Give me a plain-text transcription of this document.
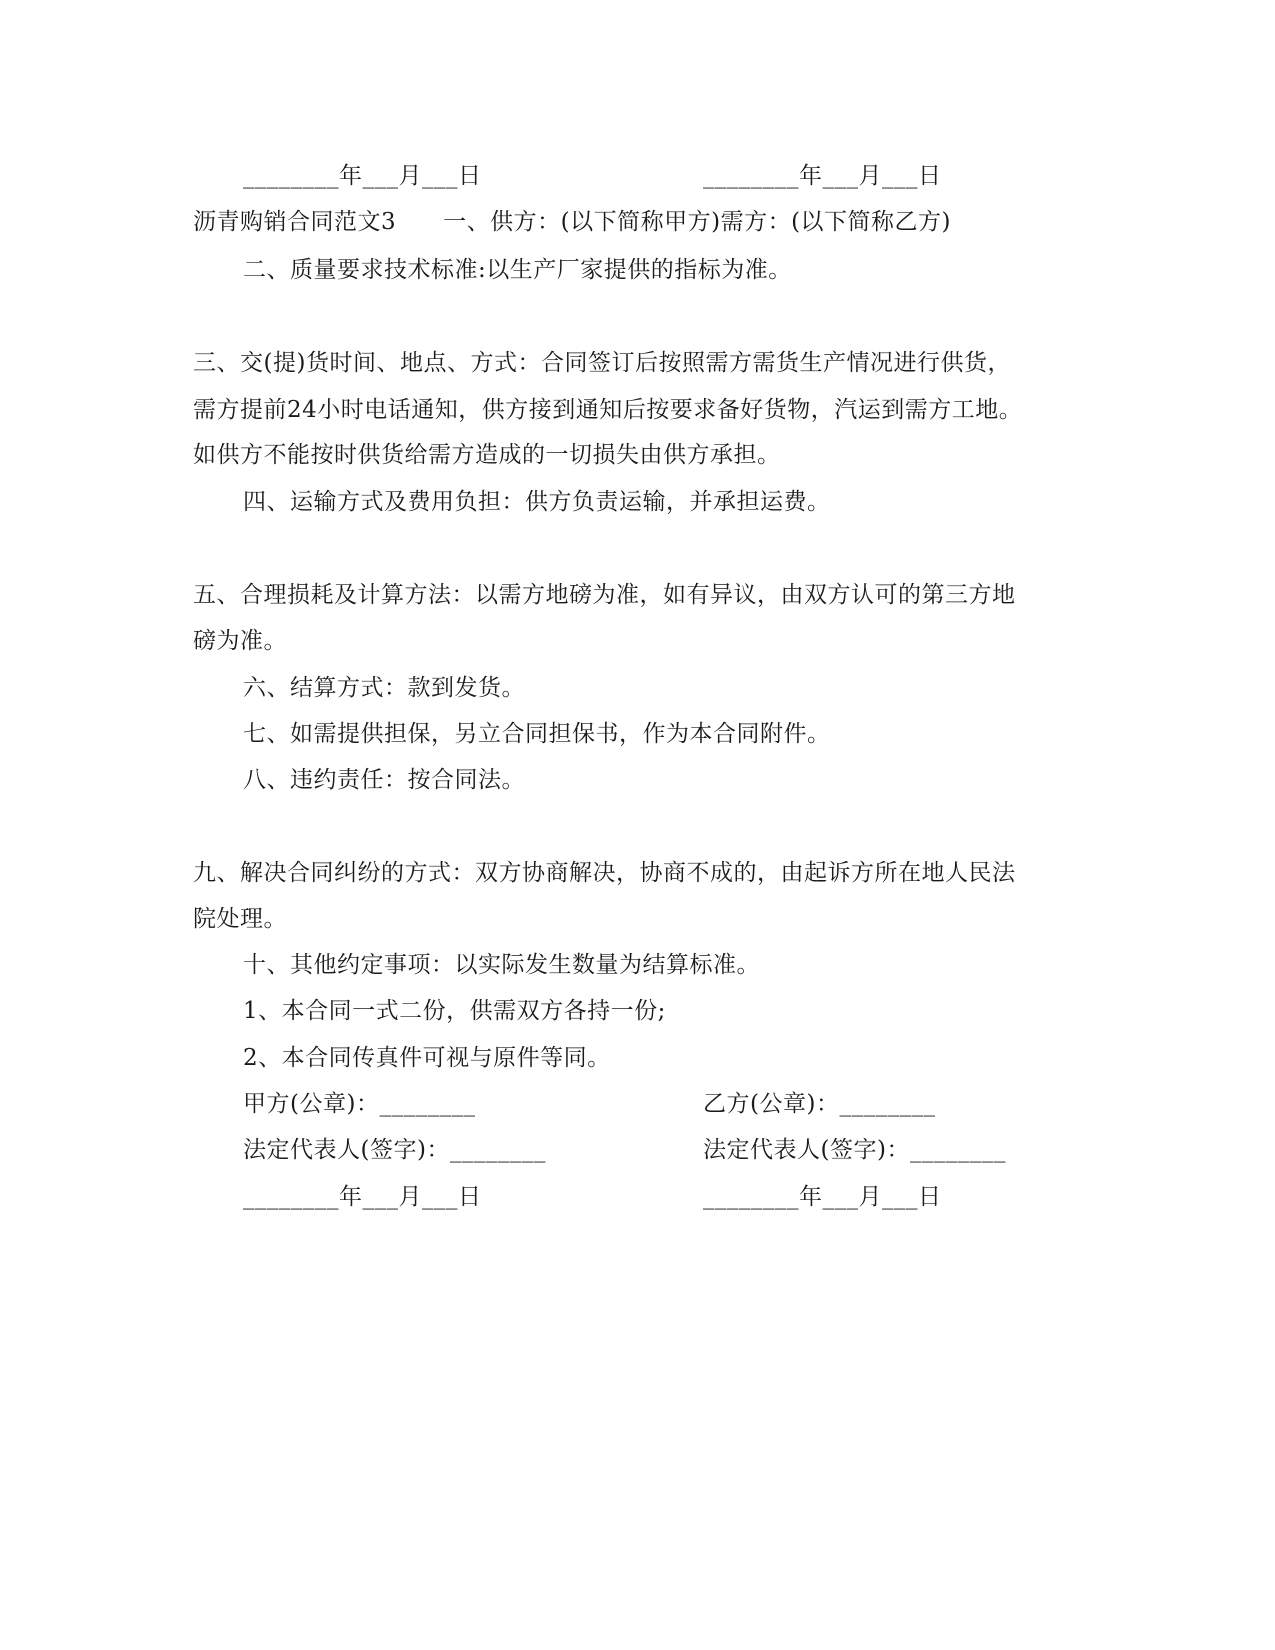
________年___月___日	________年___月___日
沥青购销合同范文3　　一、供方：(以下简称甲方)需方：(以下简称乙方)
二、质量要求技术标准:以生产厂家提供的指标为准。
三、交(提)货时间、地点、方式：合同签订后按照需方需货生产情况进行供货，
需方提前24小时电话通知，供方接到通知后按要求备好货物，汽运到需方工地。
如供方不能按时供货给需方造成的一切损失由供方承担。
四、运输方式及费用负担：供方负责运输，并承担运费。
五、合理损耗及计算方法：以需方地磅为准，如有异议，由双方认可的第三方地
磅为准。
六、结算方式：款到发货。
七、如需提供担保，另立合同担保书，作为本合同附件。
八、违约责任：按合同法。
九、解决合同纠纷的方式：双方协商解决，协商不成的，由起诉方所在地人民法
院处理。
十、其他约定事项：以实际发生数量为结算标准。
1、本合同一式二份，供需双方各持一份;
2、本合同传真件可视与原件等同。
甲方(公章)：________	乙方(公章)：________
法定代表人(签字)：________	法定代表人(签字)：________
________年___月___日	________年___月___日
